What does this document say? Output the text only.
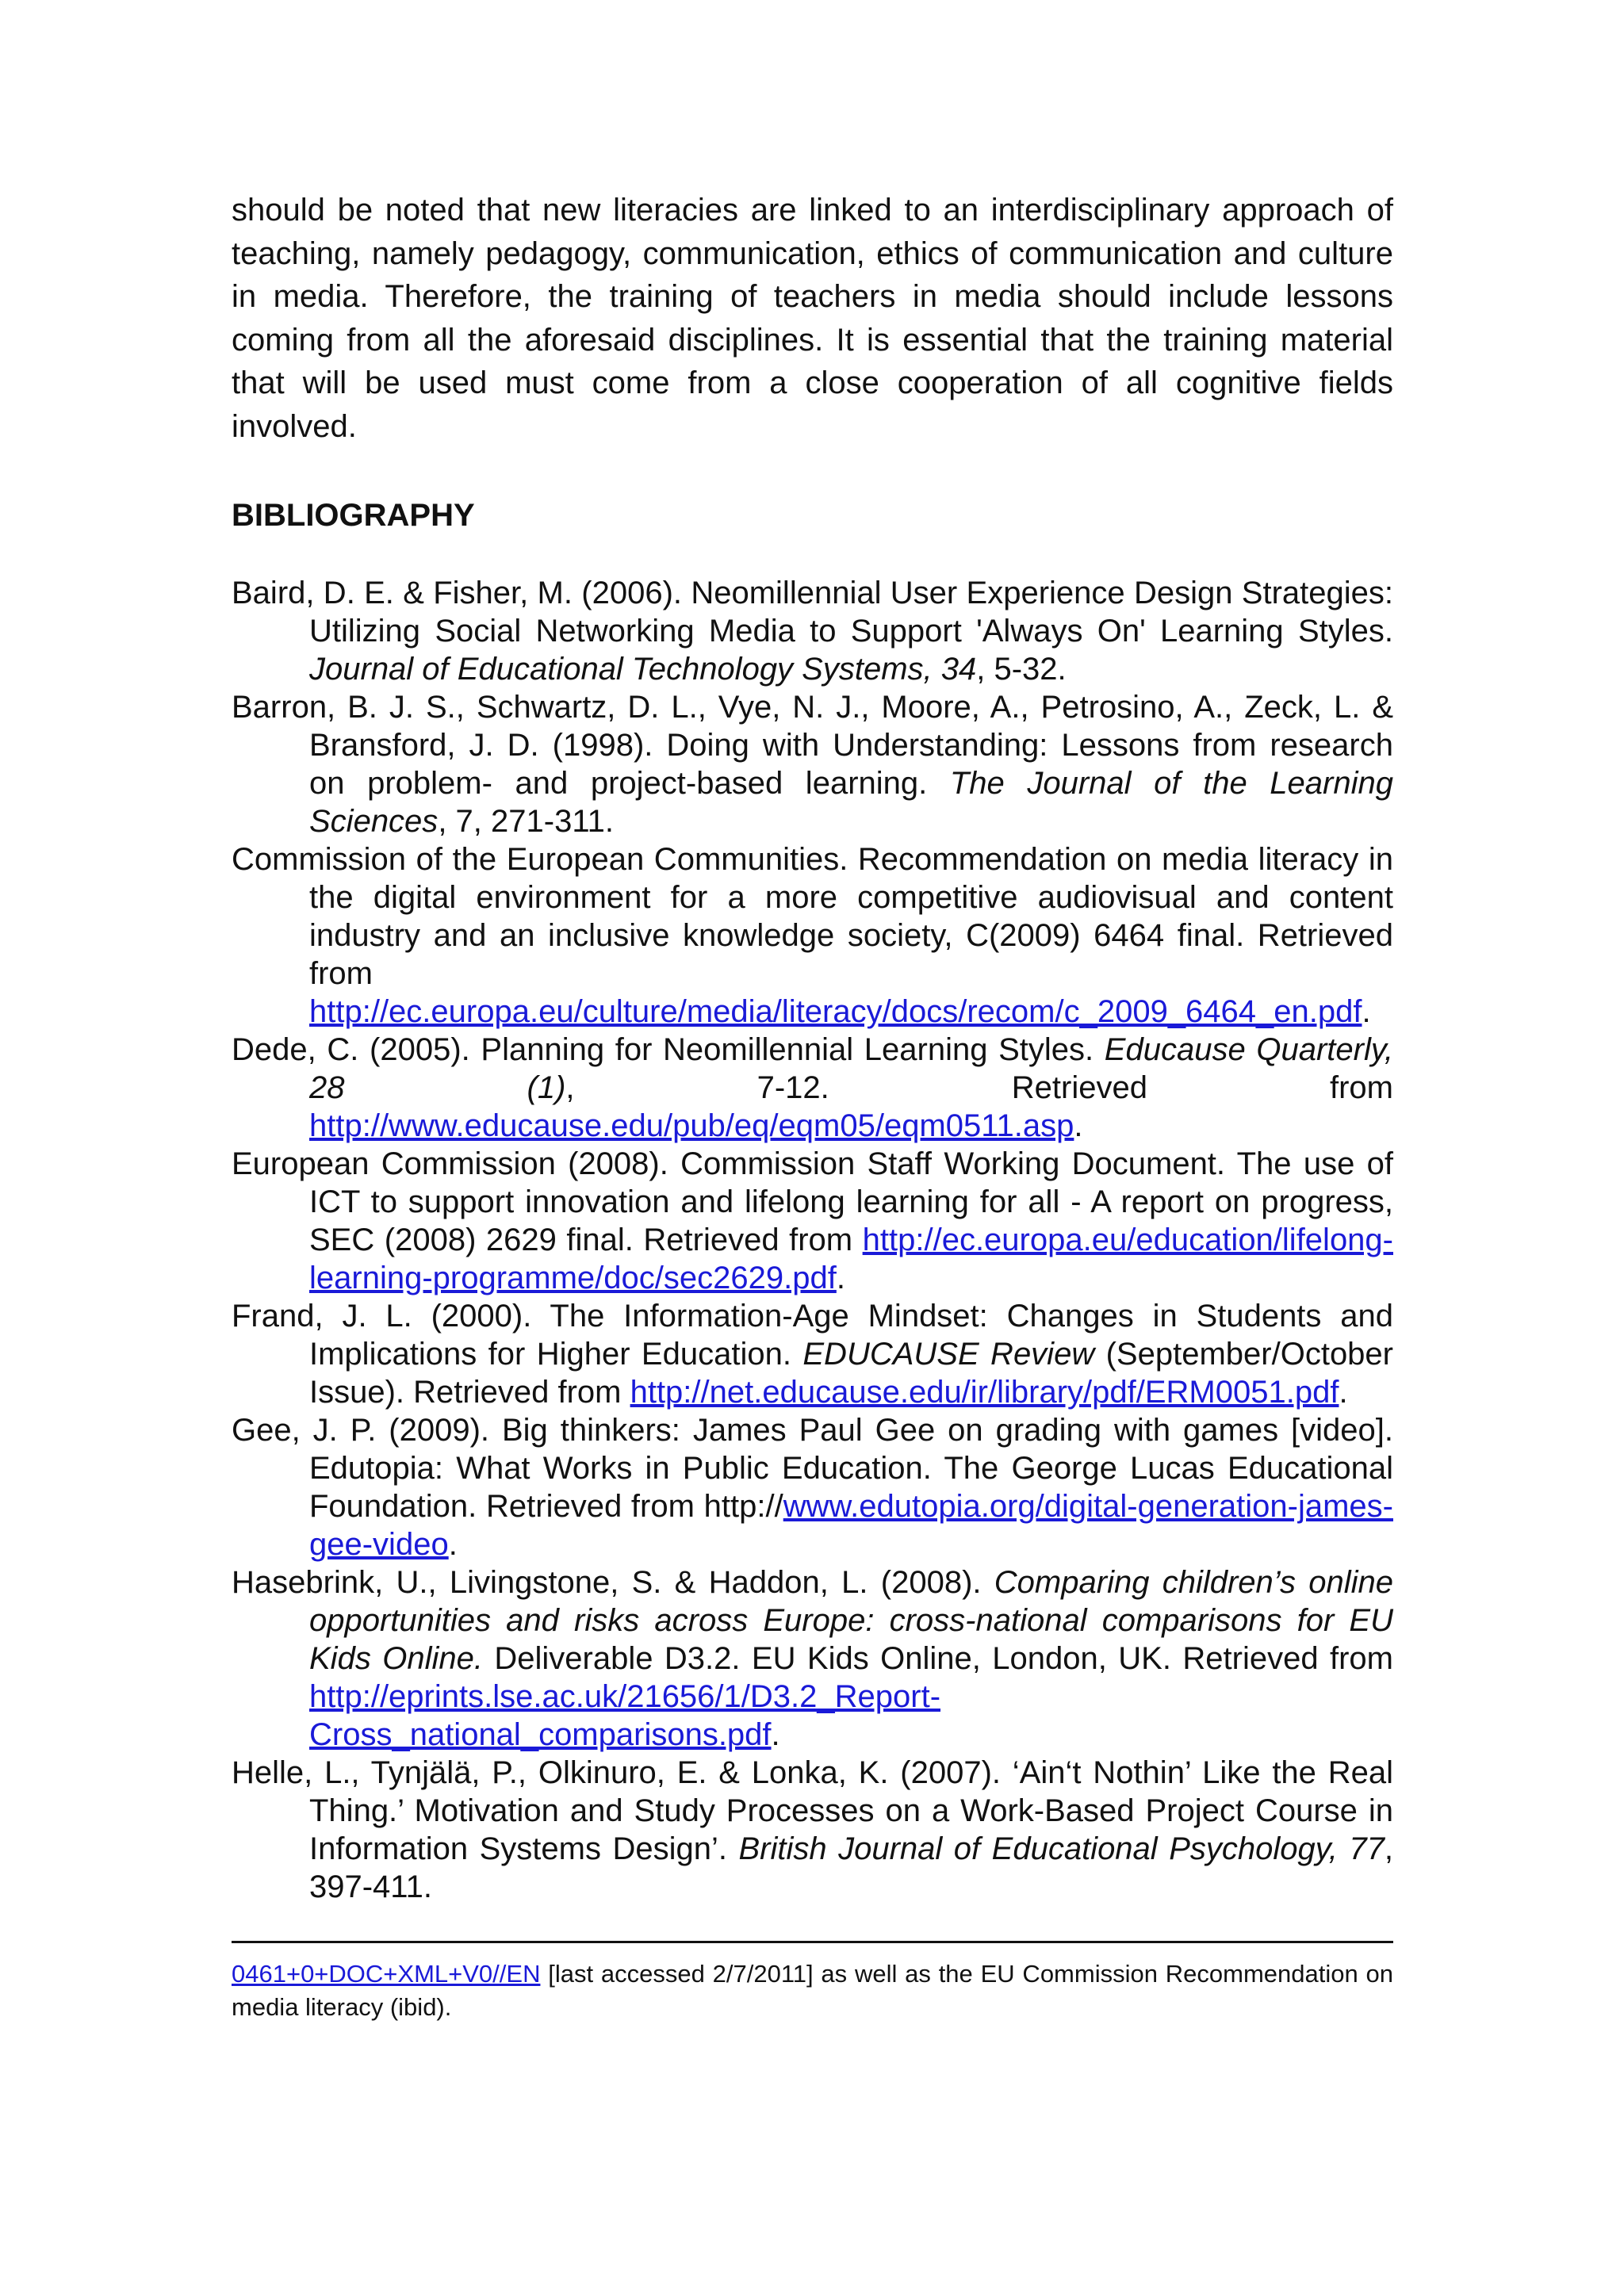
should be noted that new literacies are linked to an interdisciplinary approach of teaching, namely pedagogy, communication, ethics of communication and culture in media. Therefore, the training of teachers in media should include lessons coming from all the aforesaid disciplines. It is essential that the training material that will be used must come from a close cooperation of all cognitive fields involved.

BIBLIOGRAPHY

Baird, D. E. & Fisher, M. (2006). Neomillennial User Experience Design Strategies: Utilizing Social Networking Media to Support 'Always On' Learning Styles. Journal of Educational Technology Systems, 34, 5-32.

Barron, B. J. S., Schwartz, D. L., Vye, N. J., Moore, A., Petrosino, A., Zeck, L. & Bransford, J. D. (1998). Doing with Understanding: Lessons from research on problem- and project-based learning. The Journal of the Learning Sciences, 7, 271-311.

Commission of the European Communities. Recommendation on media literacy in the digital environment for a more competitive audiovisual and content industry and an inclusive knowledge society, C(2009) 6464 final. Retrieved from http://ec.europa.eu/culture/media/literacy/docs/recom/c_2009_6464_en.pdf.

Dede, C. (2005). Planning for Neomillennial Learning Styles. Educause Quarterly, 28 (1), 7-12. Retrieved from http://www.educause.edu/pub/eq/eqm05/eqm0511.asp.

European Commission (2008). Commission Staff Working Document. The use of ICT to support innovation and lifelong learning for all - A report on progress, SEC (2008) 2629 final. Retrieved from http://ec.europa.eu/education/lifelong-learning-programme/doc/sec2629.pdf.

Frand, J. L. (2000). The Information-Age Mindset: Changes in Students and Implications for Higher Education. EDUCAUSE Review (September/October Issue). Retrieved from http://net.educause.edu/ir/library/pdf/ERM0051.pdf.

Gee, J. P. (2009). Big thinkers: James Paul Gee on grading with games [video]. Edutopia: What Works in Public Education. The George Lucas Educational Foundation. Retrieved from http://www.edutopia.org/digital-generation-james-gee-video.

Hasebrink, U., Livingstone, S. & Haddon, L. (2008). Comparing children’s online opportunities and risks across Europe: cross-national comparisons for EU Kids Online. Deliverable D3.2. EU Kids Online, London, UK. Retrieved from http://eprints.lse.ac.uk/21656/1/D3.2_Report-Cross_national_comparisons.pdf.

Helle, L., Tynjälä, P., Olkinuro, E. & Lonka, K. (2007). ‘Ain‘t Nothin’ Like the Real Thing.’ Motivation and Study Processes on a Work-Based Project Course in Information Systems Design’. British Journal of Educational Psychology, 77, 397-411.

0461+0+DOC+XML+V0//EN [last accessed 2/7/2011] as well as the EU Commission Recommendation on media literacy (ibid).
